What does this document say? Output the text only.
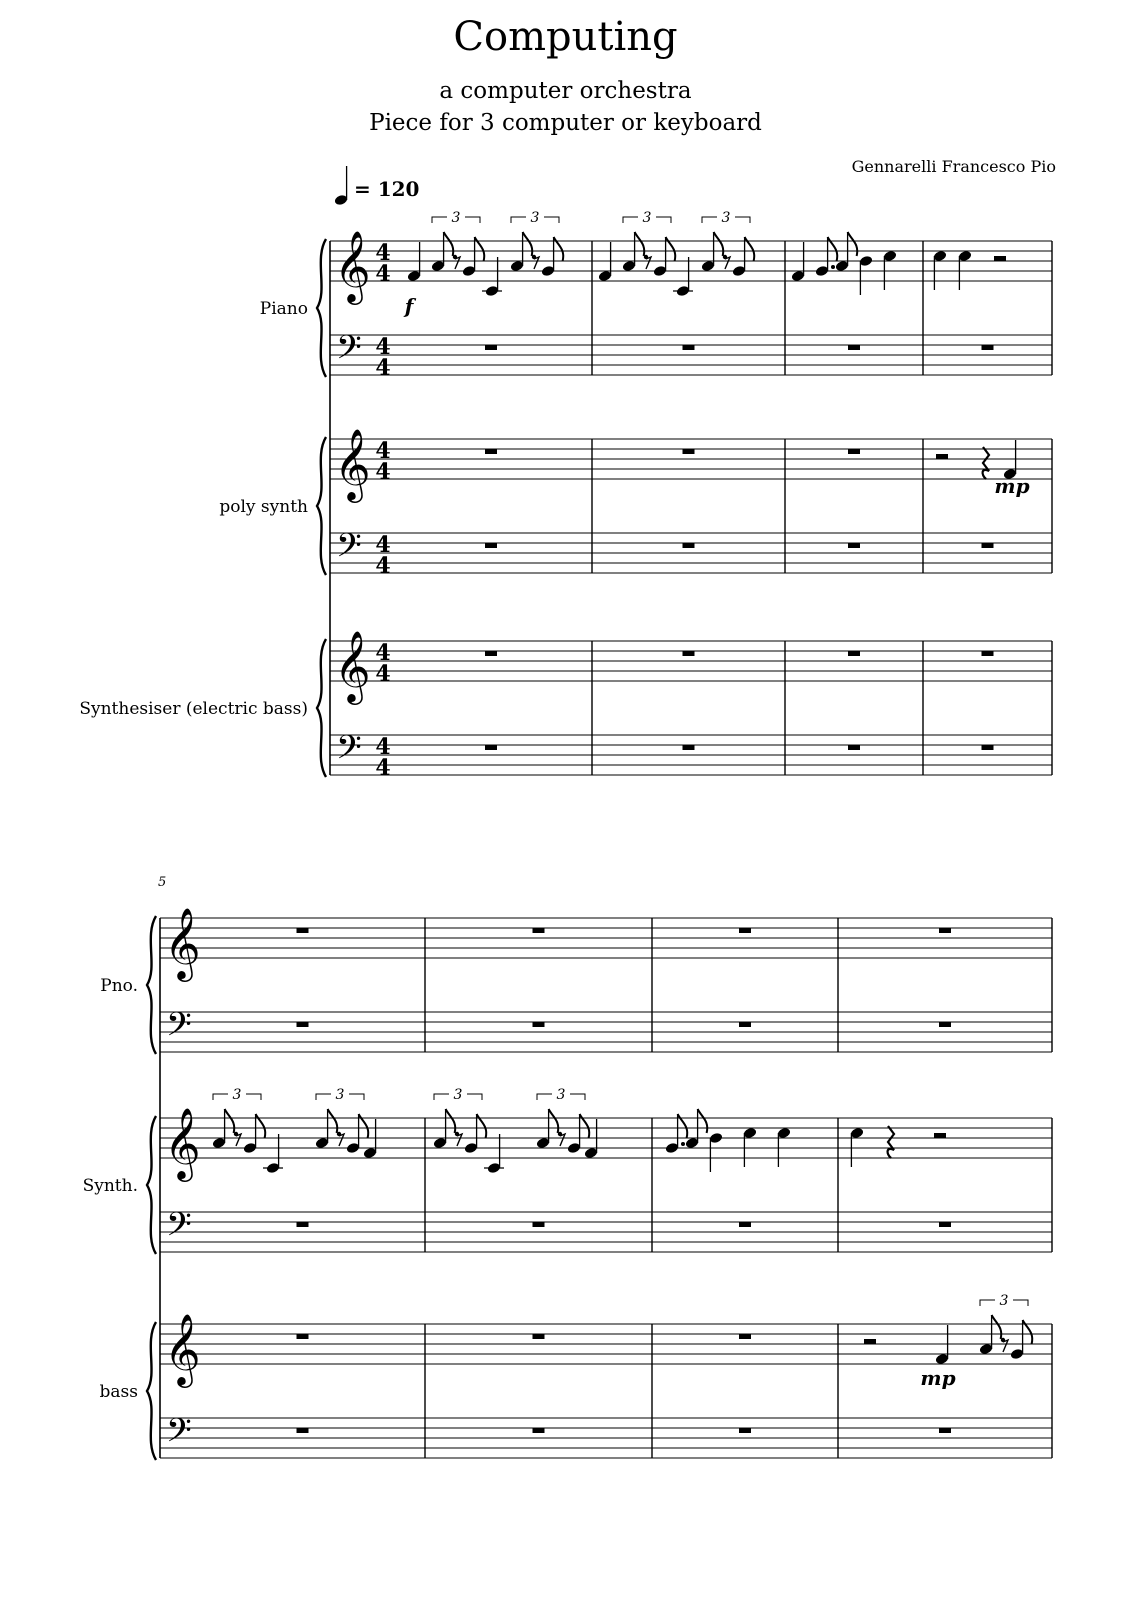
Computing
a computer orchestra
Piece for 3 computer or keyboard
Gennarelli Francesco Pio
𝄞
𝄢
𝄞
𝄢
𝄞
𝄢
Piano
poly synth
Synthesiser (electric bass)
𝄞
𝄢
𝄞
𝄢
𝄞
𝄢
Pno.
Synth.
bass
4
4
4
4
4
4
4
4
4
4
4
4
= 120
5
3	3	3	3
f
mp
3	3	3	3
3
mp
